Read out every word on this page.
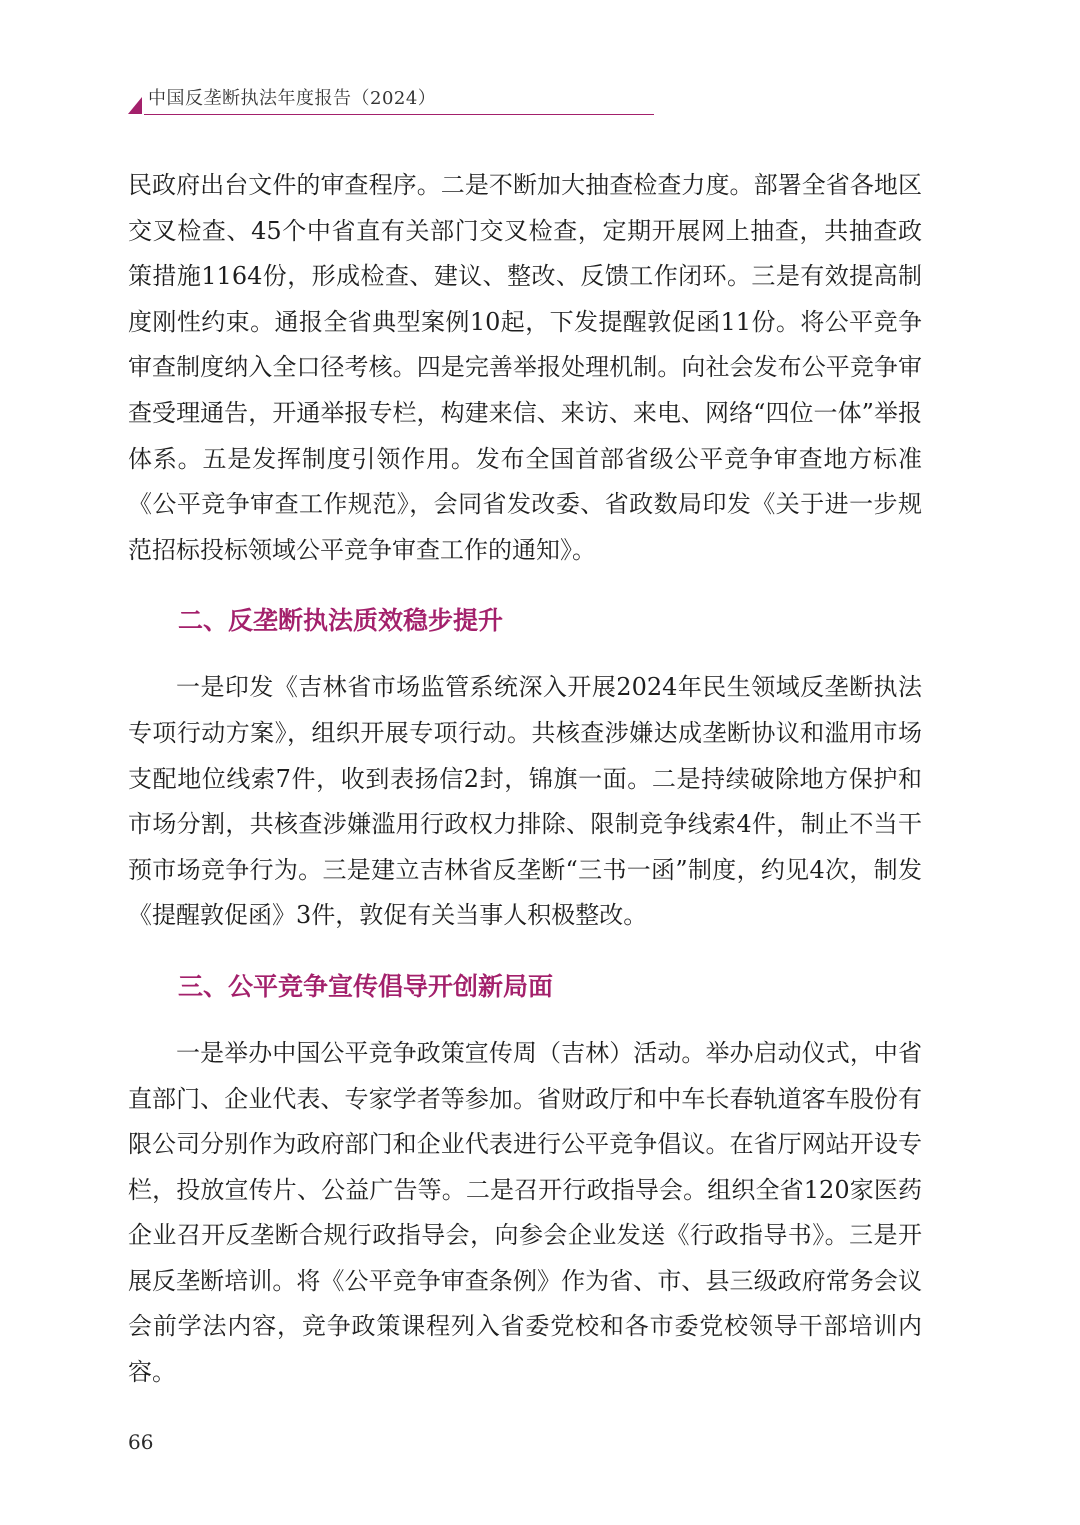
中国反垄断执法年度报告（2024）

民政府出台文件的审查程序。二是不断加大抽查检查力度。部署全省各地区交叉检查、45个中省直有关部门交叉检查，定期开展网上抽查，共抽查政策措施1164份，形成检查、建议、整改、反馈工作闭环。三是有效提高制度刚性约束。通报全省典型案例10起，下发提醒敦促函11份。将公平竞争审查制度纳入全口径考核。四是完善举报处理机制。向社会发布公平竞争审查受理通告，开通举报专栏，构建来信、来访、来电、网络“四位一体”举报体系。五是发挥制度引领作用。发布全国首部省级公平竞争审查地方标准《公平竞争审查工作规范》，会同省发改委、省政数局印发《关于进一步规范招标投标领域公平竞争审查工作的通知》。

二、反垄断执法质效稳步提升

一是印发《吉林省市场监管系统深入开展2024年民生领域反垄断执法专项行动方案》，组织开展专项行动。共核查涉嫌达成垄断协议和滥用市场支配地位线索7件，收到表扬信2封，锦旗一面。二是持续破除地方保护和市场分割，共核查涉嫌滥用行政权力排除、限制竞争线索4件，制止不当干预市场竞争行为。三是建立吉林省反垄断“三书一函”制度，约见4次，制发《提醒敦促函》3件，敦促有关当事人积极整改。

三、公平竞争宣传倡导开创新局面

一是举办中国公平竞争政策宣传周（吉林）活动。举办启动仪式，中省直部门、企业代表、专家学者等参加。省财政厅和中车长春轨道客车股份有限公司分别作为政府部门和企业代表进行公平竞争倡议。在省厅网站开设专栏，投放宣传片、公益广告等。二是召开行政指导会。组织全省120家医药企业召开反垄断合规行政指导会，向参会企业发送《行政指导书》。三是开展反垄断培训。将《公平竞争审查条例》作为省、市、县三级政府常务会议会前学法内容，竞争政策课程列入省委党校和各市委党校领导干部培训内容。

66
